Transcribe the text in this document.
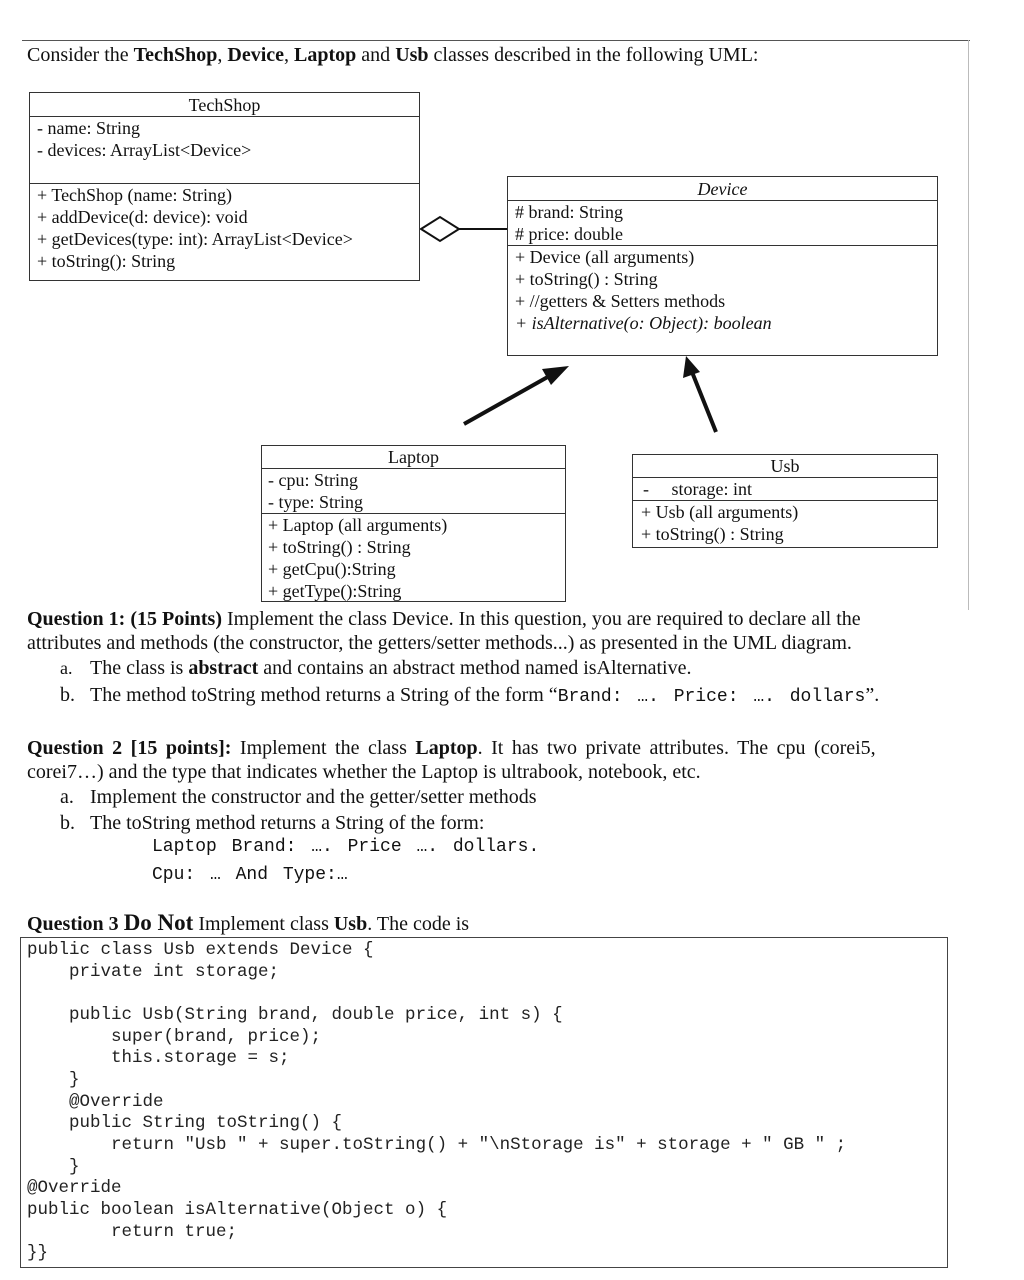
Consider the TechShop, Device, Laptop and Usb classes described in the following UML:
TechShop
- name: String
- devices: ArrayList<Device>
+ TechShop (name: String)
+ addDevice(d: device): void
+ getDevices(type: int): ArrayList<Device>
+ toString(): String
Device
# brand: String
# price: double
+ Device (all arguments)
+ toString() : String
+ //getters & Setters methods
+ isAlternative(o: Object): boolean
Laptop
- cpu: String
- type: String
+ Laptop (all arguments)
+ toString() : String
+ getCpu():String
+ getType():String
Usb
- storage: int
+ Usb (all arguments)
+ toString() : String
Question 1: (15 Points) Implement the class Device. In this question, you are required to declare all the
attributes and methods (the constructor, the getters/setter methods...) as presented in the UML diagram.
a. The class is abstract and contains an abstract method named isAlternative.
b. The method toString method returns a String of the form “Brand: …. Price: …. dollars”.
Question 2 [15 points]: Implement the class Laptop. It has two private attributes. The cpu (corei5,
corei7…) and the type that indicates whether the Laptop is ultrabook, notebook, etc.
a. Implement the constructor and the getter/setter methods
b. The toString method returns a String of the form:
Laptop Brand: …. Price …. dollars.
Cpu: … And Type:…
Question 3 Do Not Implement class Usb. The code is
public class Usb extends Device {
private int storage;
public Usb(String brand, double price, int s) {
super(brand, price);
this.storage = s;
}
@Override
public String toString() {
return "Usb " + super.toString() + "\nStorage is" + storage + " GB " ;
}
@Override
public boolean isAlternative(Object o) {
return true;
}}
